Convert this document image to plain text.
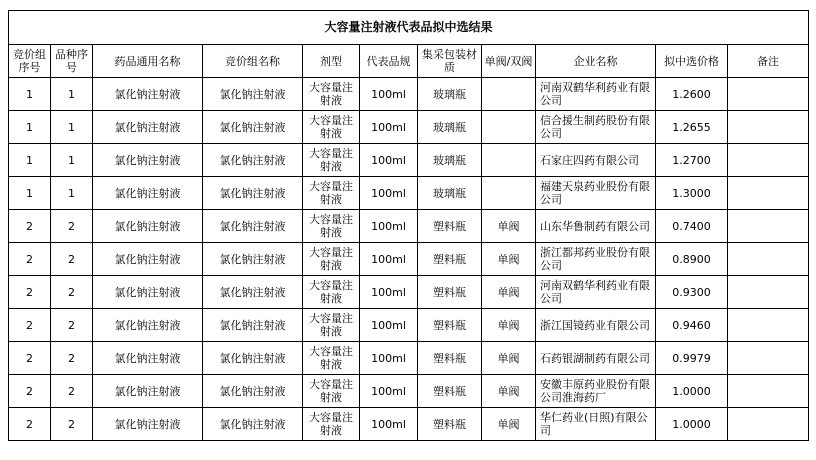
大容量注射液代表品拟中选结果										
竞价组序号	品种序号	药品通用名称	竞价组名称	剂型	代表品规	集采包装材质	单阀/双阀	企业名称	拟中选价格	备注
1	1	氯化钠注射液	氯化钠注射液	大容量注射液	100ml	玻璃瓶		河南双鹤华利药业有限公司	1.2600	
1	1	氯化钠注射液	氯化钠注射液	大容量注射液	100ml	玻璃瓶		信合援生制药股份有限公司	1.2655	
1	1	氯化钠注射液	氯化钠注射液	大容量注射液	100ml	玻璃瓶		石家庄四药有限公司	1.2700	
1	1	氯化钠注射液	氯化钠注射液	大容量注射液	100ml	玻璃瓶		福建天泉药业股份有限公司	1.3000	
2	2	氯化钠注射液	氯化钠注射液	大容量注射液	100ml	塑料瓶	单阀	山东华鲁制药有限公司	0.7400	
2	2	氯化钠注射液	氯化钠注射液	大容量注射液	100ml	塑料瓶	单阀	浙江都邦药业股份有限公司	0.8900	
2	2	氯化钠注射液	氯化钠注射液	大容量注射液	100ml	塑料瓶	单阀	河南双鹤华利药业有限公司	0.9300	
2	2	氯化钠注射液	氯化钠注射液	大容量注射液	100ml	塑料瓶	单阀	浙江国镜药业有限公司	0.9460	
2	2	氯化钠注射液	氯化钠注射液	大容量注射液	100ml	塑料瓶	单阀	石药银湖制药有限公司	0.9979	
2	2	氯化钠注射液	氯化钠注射液	大容量注射液	100ml	塑料瓶	单阀	安徽丰原药业股份有限公司淮海药厂	1.0000	
2	2	氯化钠注射液	氯化钠注射液	大容量注射液	100ml	塑料瓶	单阀	华仁药业(日照)有限公司	1.0000	
